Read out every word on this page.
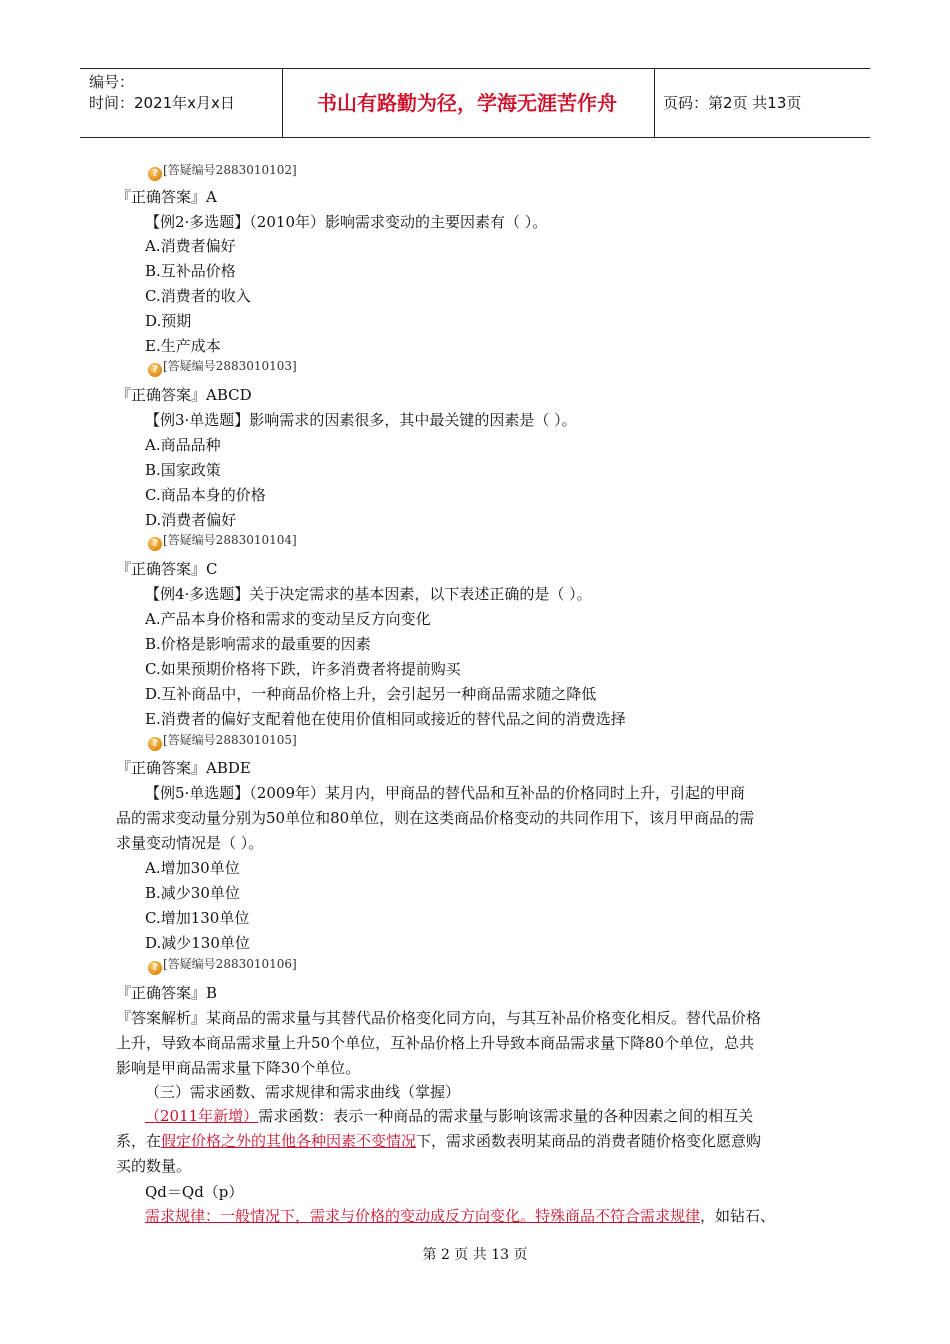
编号：
时间：2021年x月x日	书山有路勤为径，学海无涯苦作舟	页码：第2页 共13页
? [答疑编号2883010102]
『正确答案』A
【例2·多选题】（2010年）影响需求变动的主要因素有（ ）。
A.消费者偏好
B.互补品价格
C.消费者的收入
D.预期
E.生产成本
? [答疑编号2883010103]
『正确答案』ABCD
【例3·单选题】影响需求的因素很多，其中最关键的因素是（ ）。
A.商品品种
B.国家政策
C.商品本身的价格
D.消费者偏好
? [答疑编号2883010104]
『正确答案』C
【例4·多选题】关于决定需求的基本因素，以下表述正确的是（ ）。
A.产品本身价格和需求的变动呈反方向变化
B.价格是影响需求的最重要的因素
C.如果预期价格将下跌，许多消费者将提前购买
D.互补商品中，一种商品价格上升，会引起另一种商品需求随之降低
E.消费者的偏好支配着他在使用价值相同或接近的替代品之间的消费选择
? [答疑编号2883010105]
『正确答案』ABDE
【例5·单选题】（2009年）某月内，甲商品的替代品和互补品的价格同时上升，引起的甲商
品的需求变动量分别为50单位和80单位，则在这类商品价格变动的共同作用下，该月甲商品的需
求量变动情况是（ ）。
A.增加30单位
B.减少30单位
C.增加130单位
D.减少130单位
? [答疑编号2883010106]
『正确答案』B
『答案解析』某商品的需求量与其替代品价格变化同方向，与其互补品价格变化相反。替代品价格
上升，导致本商品需求量上升50个单位，互补品价格上升导致本商品需求量下降80个单位，总共
影响是甲商品需求量下降30个单位。
（三）需求函数、需求规律和需求曲线（掌握）
（2011年新增）需求函数：表示一种商品的需求量与影响该需求量的各种因素之间的相互关
系，在假定价格之外的其他各种因素不变情况下，需求函数表明某商品的消费者随价格变化愿意购
买的数量。
Qd＝Qd（p）
需求规律：一般情况下，需求与价格的变动成反方向变化。特殊商品不符合需求规律，如钻石、
第 2 页 共 13 页
